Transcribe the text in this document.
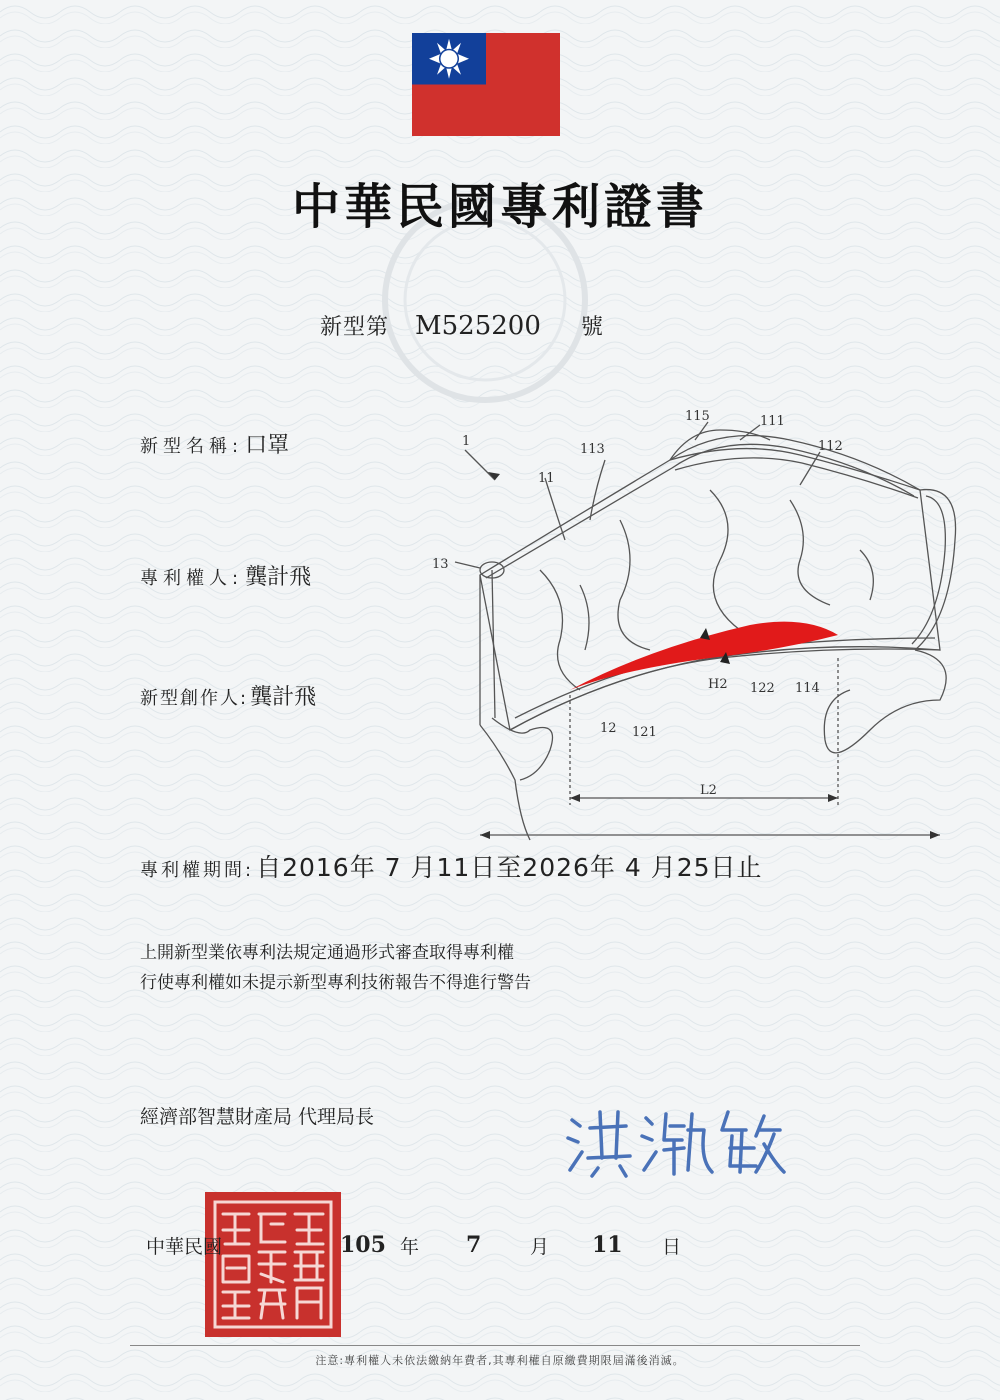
中華民國專利證書
新型第 M525200 號
新型名稱:口罩
專利權人:龔計飛
新型創作人:龔計飛
1
11
113
115	111
112
13
H2 122 114
12 121
L2
專利權期間:自2016年 7 月11日至2026年 4 月25日止
上開新型業依專利法規定通過形式審查取得專利權
行使專利權如未提示新型專利技術報告不得進行警告
經濟部智慧財產局 代理局長
中華民國	105 年 7	月 11 日
注意:專利權人未依法繳納年費者,其專利權自原繳費期限屆滿後消滅。
